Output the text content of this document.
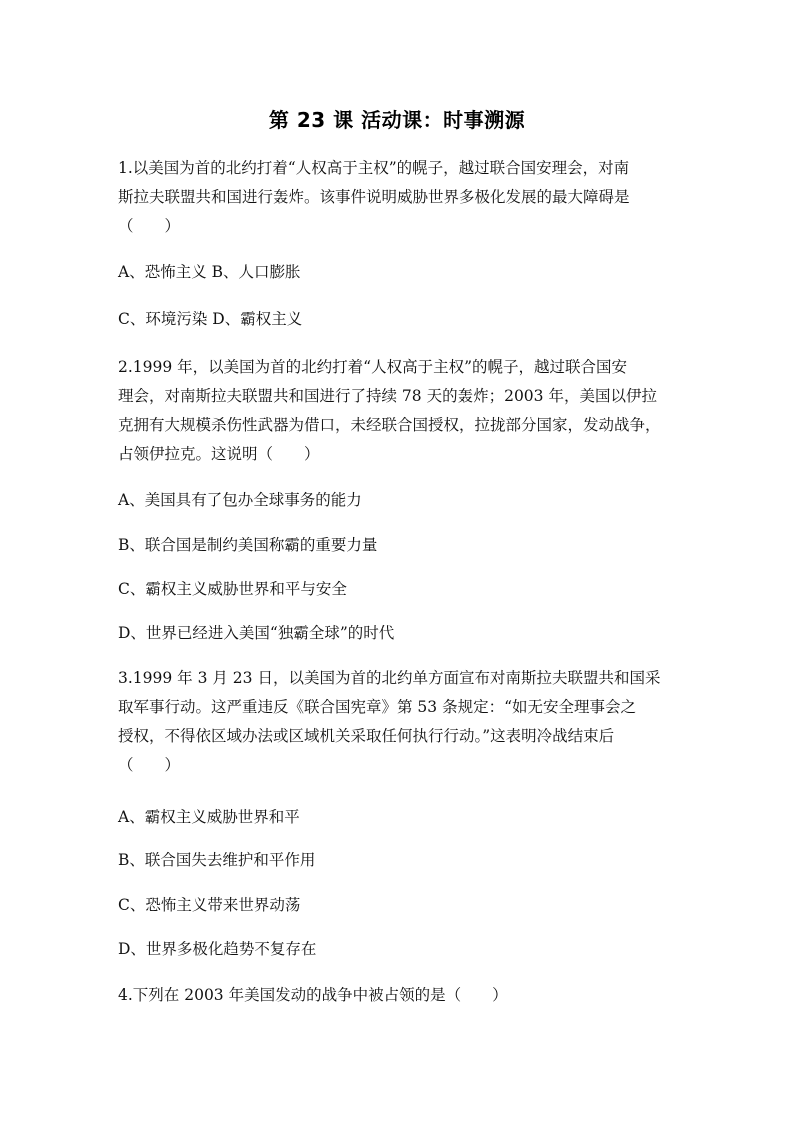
第 23 课 活动课：时事溯源
1.以美国为首的北约打着“人权高于主权”的幌子，越过联合国安理会，对南
斯拉夫联盟共和国进行轰炸。该事件说明威胁世界多极化发展的最大障碍是
（　　）
A、恐怖主义 B、人口膨胀
C、环境污染 D、霸权主义
2.1999 年，以美国为首的北约打着“人权高于主权”的幌子，越过联合国安
理会，对南斯拉夫联盟共和国进行了持续 78 天的轰炸；2003 年，美国以伊拉
克拥有大规模杀伤性武器为借口，未经联合国授权，拉拢部分国家，发动战争，
占领伊拉克。这说明（　　）
A、美国具有了包办全球事务的能力
B、联合国是制约美国称霸的重要力量
C、霸权主义威胁世界和平与安全
D、世界已经进入美国“独霸全球”的时代
3.1999 年 3 月 23 日，以美国为首的北约单方面宣布对南斯拉夫联盟共和国采
取军事行动。这严重违反《联合国宪章》第 53 条规定：“如无安全理事会之
授权，不得依区域办法或区域机关采取任何执行行动。”这表明冷战结束后
（　　）
A、霸权主义威胁世界和平
B、联合国失去维护和平作用
C、恐怖主义带来世界动荡
D、世界多极化趋势不复存在
4.下列在 2003 年美国发动的战争中被占领的是（　　）
